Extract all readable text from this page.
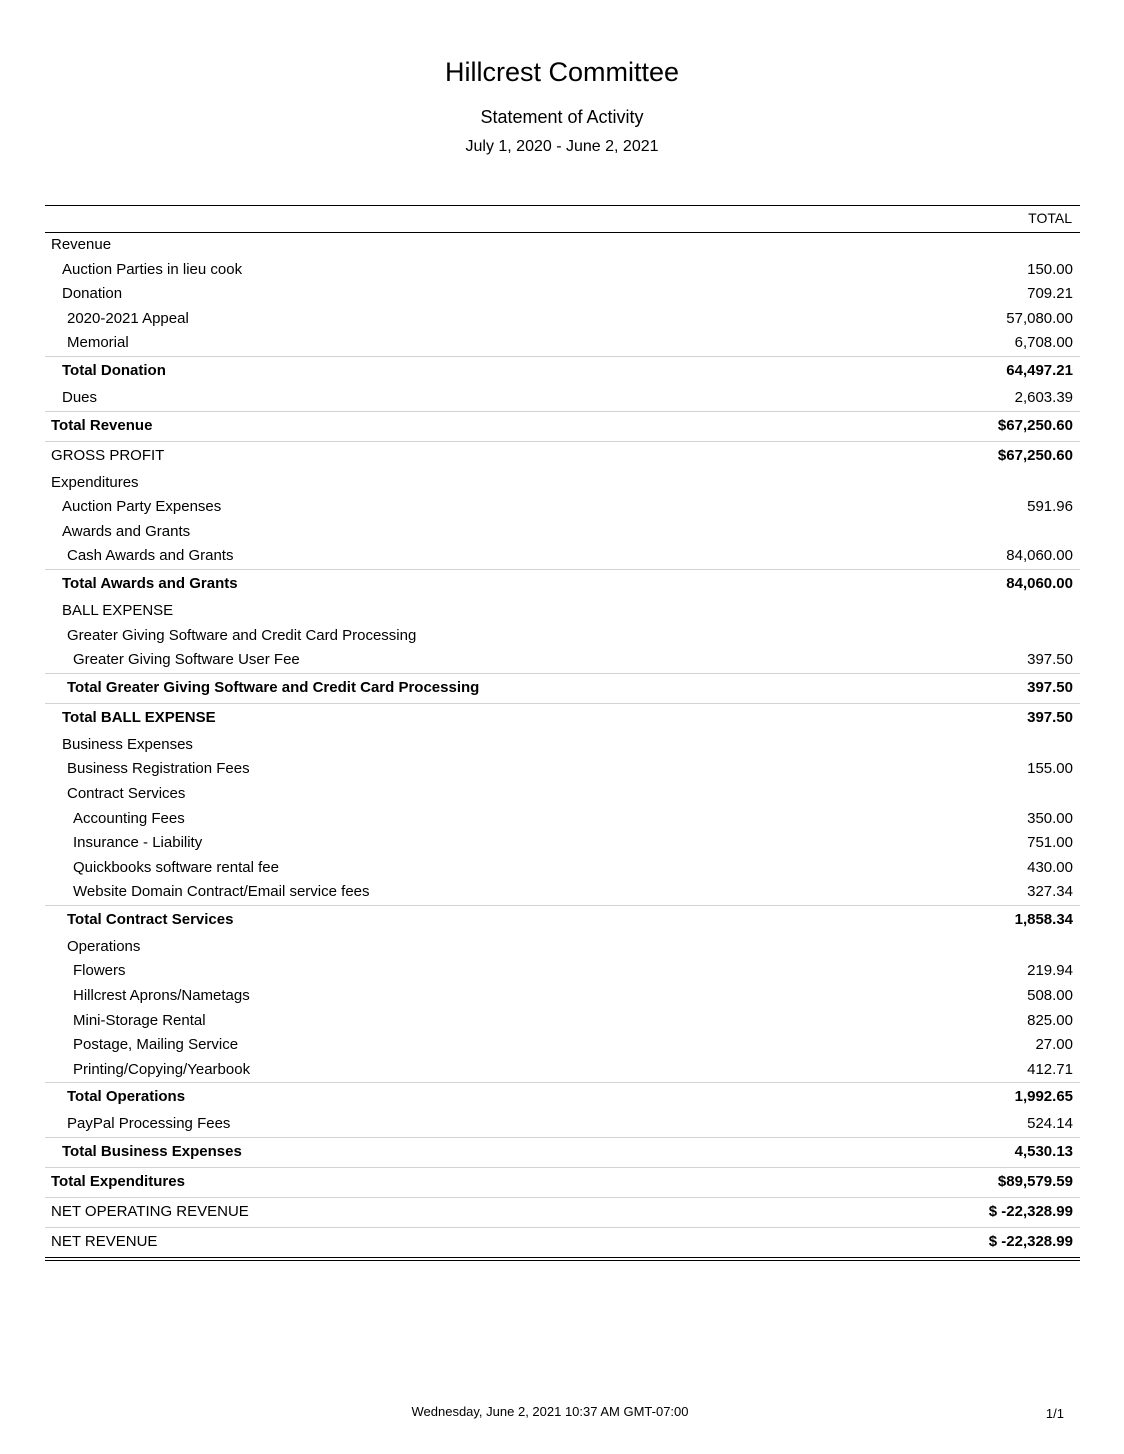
Hillcrest Committee
Statement of Activity
July 1, 2020 - June 2, 2021
TOTAL
Revenue
Auction Parties in lieu cook	150.00
Donation	709.21
2020-2021 Appeal	57,080.00
Memorial	6,708.00
Total Donation	64,497.21
Dues	2,603.39
Total Revenue	$67,250.60
GROSS PROFIT	$67,250.60
Expenditures
Auction Party Expenses	591.96
Awards and Grants
Cash Awards and Grants	84,060.00
Total Awards and Grants	84,060.00
BALL EXPENSE
Greater Giving Software and Credit Card Processing
Greater Giving Software User Fee	397.50
Total Greater Giving Software and Credit Card Processing	397.50
Total BALL EXPENSE	397.50
Business Expenses
Business Registration Fees	155.00
Contract Services
Accounting Fees	350.00
Insurance - Liability	751.00
Quickbooks software rental fee	430.00
Website Domain Contract/Email service fees	327.34
Total Contract Services	1,858.34
Operations
Flowers	219.94
Hillcrest Aprons/Nametags	508.00
Mini-Storage Rental	825.00
Postage, Mailing Service	27.00
Printing/Copying/Yearbook	412.71
Total Operations	1,992.65
PayPal Processing Fees	524.14
Total Business Expenses	4,530.13
Total Expenditures	$89,579.59
NET OPERATING REVENUE	$ -22,328.99
NET REVENUE	$ -22,328.99
Wednesday, June 2, 2021 10:37 AM GMT-07:00	1/1
